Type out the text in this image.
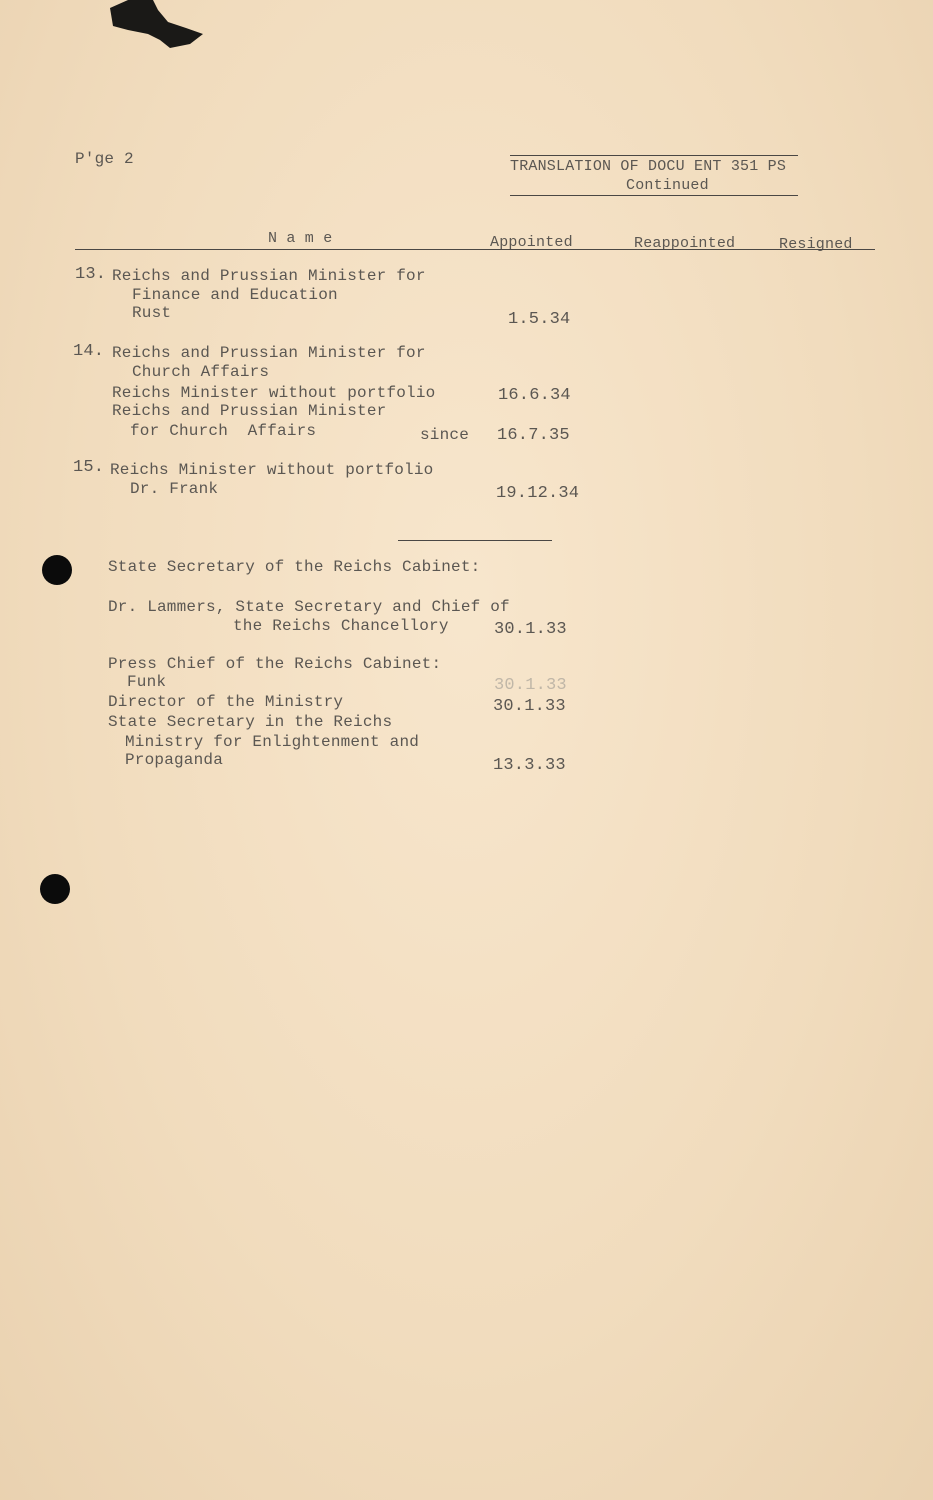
P'ge 2	TRANSLATION OF DOCU ENT 351 PS
Continued
N a m e	Appointed	Reappointed	Resigned
13. Reichs and Prussian Minister for
Finance and Education
Rust	1.5.34
14. Reichs and Prussian Minister for
Church Affairs
Reichs Minister without portfolio	16.6.34
Reichs and Prussian Minister
for Church  Affairs	since 16.7.35
15. Reichs Minister without portfolio
Dr. Frank	19.12.34
State Secretary of the Reichs Cabinet:
Dr. Lammers, State Secretary and Chief of
the Reichs Chancellory	30.1.33
Press Chief of the Reichs Cabinet:
Funk	30.1.33
Director of the Ministry	30.1.33
State Secretary in the Reichs
Ministry for Enlightenment and
Propaganda	13.3.33
